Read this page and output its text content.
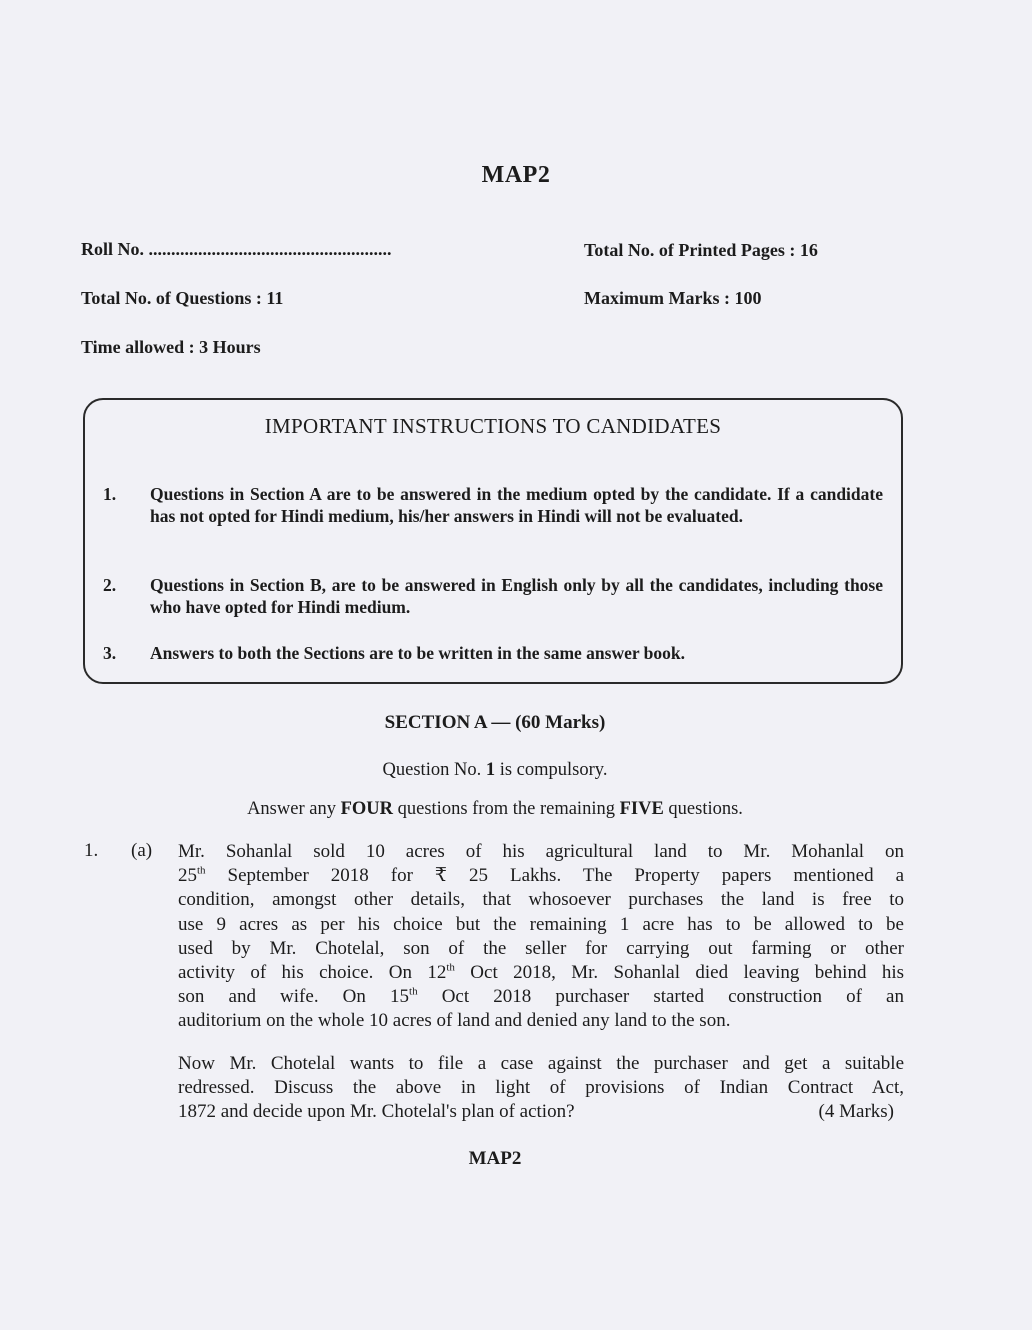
MAP2
Roll No. ......................................................	Total No. of Printed Pages : 16
Total No. of Questions : 11	Maximum Marks : 100
Time allowed : 3 Hours
IMPORTANT INSTRUCTIONS TO CANDIDATES
1.	Questions in Section A are to be answered in the medium opted by the candidate. If a candidate has not opted for Hindi medium, his/her answers in Hindi will not be evaluated.
2.	Questions in Section B, are to be answered in English only by all the candidates, including those who have opted for Hindi medium.
3.	Answers to both the Sections are to be written in the same answer book.
SECTION A — (60 Marks)
Question No. 1 is compulsory.
Answer any FOUR questions from the remaining FIVE questions.
1. (a) Mr. Sohanlal sold 10 acres of his agricultural land to Mr. Mohanlal on
25th September 2018 for ₹ 25 Lakhs. The Property papers mentioned a
condition, amongst other details, that whosoever purchases the land is free to
use 9 acres as per his choice but the remaining 1 acre has to be allowed to be
used by Mr. Chotelal, son of the seller for carrying out farming or other
activity of his choice. On 12th Oct 2018, Mr. Sohanlal died leaving behind his
son and wife. On 15th Oct 2018 purchaser started construction of an
auditorium on the whole 10 acres of land and denied any land to the son.

Now Mr. Chotelal wants to file a case against the purchaser and get a suitable
redressed. Discuss the above in light of provisions of Indian Contract Act,
1872 and decide upon Mr. Chotelal's plan of action?	(4 Marks)

MAP2
